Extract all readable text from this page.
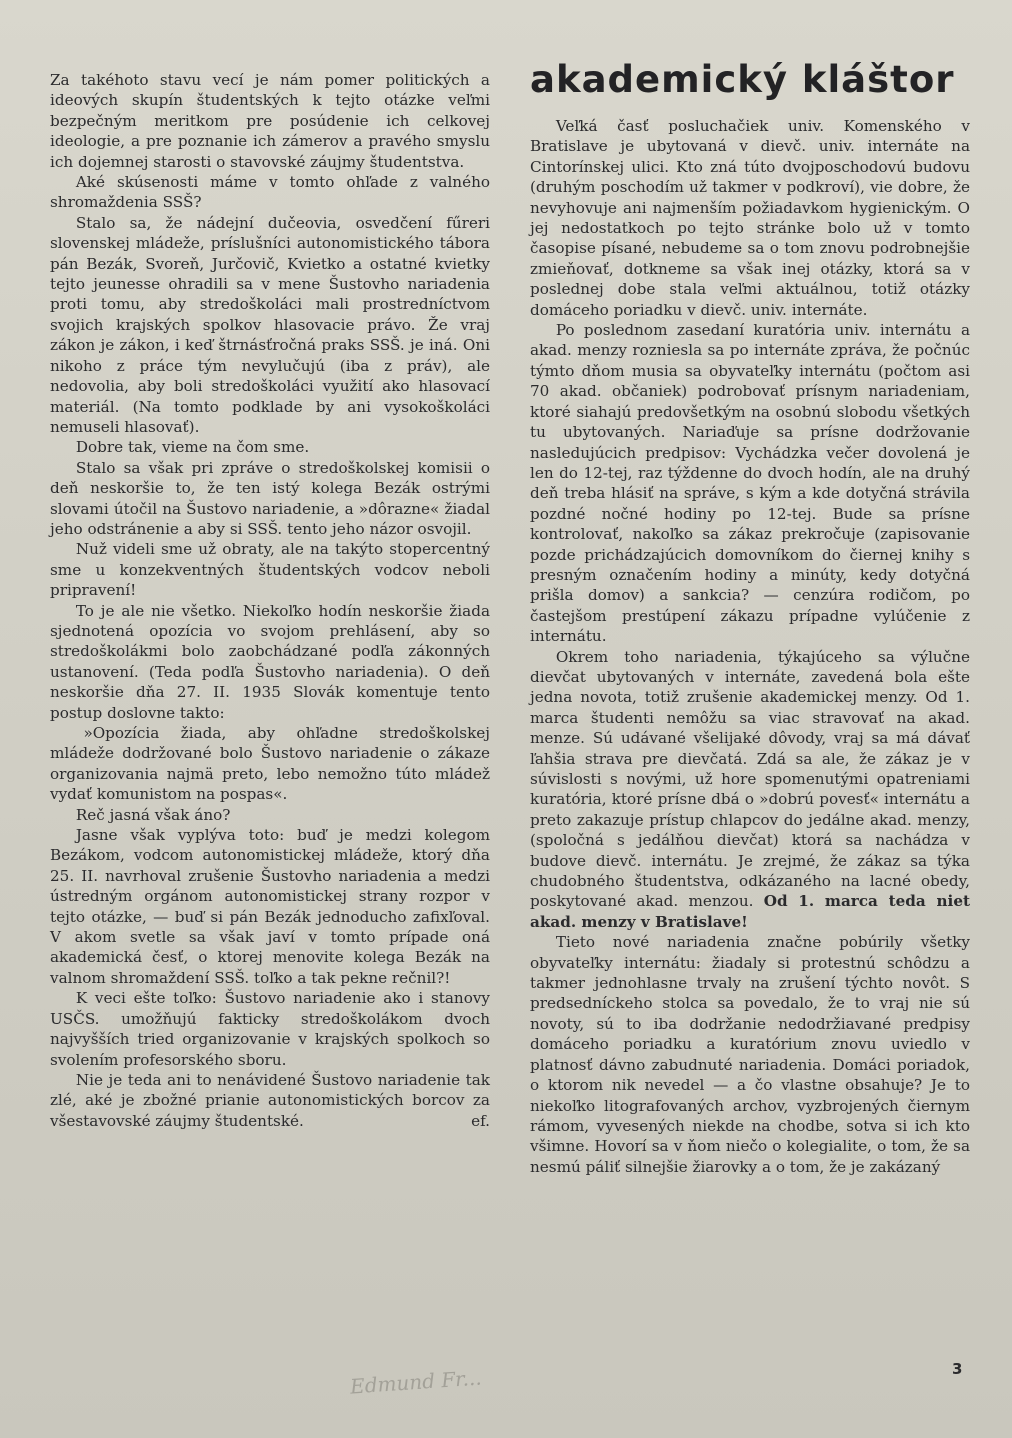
Za takéhoto stavu vecí je nám pomer politických a ideových skupín študentských k tejto otázke veľmi bezpečným meritkom pre posúdenie ich celkovej ideologie, a pre poznanie ich zámerov a pravého smyslu ich dojemnej starosti o stavovské záujmy študentstva.

Aké skúsenosti máme v tomto ohľade z valného shromaždenia SSŠ?

Stalo sa, že nádejní dučeovia, osvedčení fűreri slovenskej mládeže, príslušníci autonomistického tábora pán Bezák, Svoreň, Jurčovič, Kvietko a ostatné kvietky tejto jeunesse ohradili sa v mene Šustovho nariadenia proti tomu, aby stredoškoláci mali prostredníctvom svojich krajských spolkov hlasovacie právo. Že vraj zákon je zákon, i keď štrnásťročná praks SSŠ. je iná. Oni nikoho z práce tým nevylučujú (iba z práv), ale nedovolia, aby boli stredoškoláci využití ako hlasovací materiál. (Na tomto podklade by ani vysokoškoláci nemuseli hlasovať).

Dobre tak, vieme na čom sme.

Stalo sa však pri zpráve o stredoškolskej komisii o deň neskoršie to, že ten istý kolega Bezák ostrými slovami útočil na Šustovo nariadenie, a »dôrazne« žiadal jeho odstránenie a aby si SSŠ. tento jeho názor osvojil.

Nuž videli sme už obraty, ale na takýto stopercentný sme u konzekventných študentských vodcov neboli pripravení!

To je ale nie všetko. Niekoľko hodín neskoršie žiada sjednotená opozícia vo svojom prehlásení, aby so stredoškolákmi bolo zaobchádzané podľa zákonných ustanovení. (Teda podľa Šustovho nariadenia). O deň neskoršie dňa 27. II. 1935 Slovák komentuje tento postup doslovne takto:

»Opozícia žiada, aby ohľadne stredoškolskej mládeže dodržované bolo Šustovo nariadenie o zákaze organizovania najmä preto, lebo nemožno túto mládež vydať komunistom na pospas«.

Reč jasná však áno?

Jasne však vyplýva toto: buď je medzi kolegom Bezákom, vodcom autonomistickej mládeže, ktorý dňa 25. II. navrhoval zrušenie Šustovho nariadenia a medzi ústredným orgánom autonomistickej strany rozpor v tejto otázke, — buď si pán Bezák jednoducho zafixľoval. V akom svetle sa však javí v tomto prípade oná akademická česť, o ktorej menovite kolega Bezák na valnom shromaždení SSŠ. toľko a tak pekne rečnil?!

K veci ešte toľko: Šustovo nariadenie ako i stanovy USČS. umožňujú fakticky stredoškolákom dvoch najvyšších tried organizovanie v krajských spolkoch so svolením profesorského sboru.

Nie je teda ani to nenávidené Šustovo nariadenie tak zlé, aké je zbožné prianie autonomistických borcov za všestavovské záujmy študentské.	ef.

akademický kláštor

Veľká časť posluchačiek univ. Komenského v Bratislave je ubytovaná v dievč. univ. internáte na Cintorínskej ulici. Kto zná túto dvojposchodovú budovu (druhým poschodím už takmer v podkroví), vie dobre, že nevyhovuje ani najmenším požiadavkom hygienickým. O jej nedostatkoch po tejto stránke bolo už v tomto časopise písané, nebudeme sa o tom znovu podrobnejšie zmieňovať, dotkneme sa však inej otázky, ktorá sa v poslednej dobe stala veľmi aktuálnou, totiž otázky domáceho poriadku v dievč. univ. internáte.

Po poslednom zasedaní kuratória univ. internátu a akad. menzy rozniesla sa po internáte zpráva, že počnúc týmto dňom musia sa obyvateľky internátu (počtom asi 70 akad. občaniek) podrobovať prísnym nariadeniam, ktoré siahajú predovšetkým na osobnú slobodu všetkých tu ubytovaných. Nariaďuje sa prísne dodržovanie nasledujúcich predpisov: Vychádzka večer dovolená je len do 12-tej, raz týždenne do dvoch hodín, ale na druhý deň treba hlásiť na správe, s kým a kde dotyčná strávila pozdné nočné hodiny po 12-tej. Bude sa prísne kontrolovať, nakoľko sa zákaz prekročuje (zapisovanie pozde prichádzajúcich domovníkom do čiernej knihy s presným označením hodiny a minúty, kedy dotyčná prišla domov) a sankcia? — cenzúra rodičom, po častejšom prestúpení zákazu prípadne vylúčenie z internátu.

Okrem toho nariadenia, týkajúceho sa výlučne dievčat ubytovaných v internáte, zavedená bola ešte jedna novota, totiž zrušenie akademickej menzy. Od 1. marca študenti nemôžu sa viac stravovať na akad. menze. Sú udávané všelijaké dôvody, vraj sa má dávať ľahšia strava pre dievčatá. Zdá sa ale, že zákaz je v súvislosti s novými, už hore spomenutými opatreniami kuratória, ktoré prísne dbá o »dobrú povesť« internátu a preto zakazuje prístup chlapcov do jedálne akad. menzy, (spoločná s jedálňou dievčat) ktorá sa nachádza v budove dievč. internátu. Je zrejmé, že zákaz sa týka chudobného študentstva, odkázaného na lacné obedy, poskytované akad. menzou. Od 1. marca teda niet akad. menzy v Bratislave!

Tieto nové nariadenia značne pobúrily všetky obyvateľky internátu: žiadaly si protestnú schôdzu a takmer jednohlasne trvaly na zrušení týchto novôt. S predsedníckeho stolca sa povedalo, že to vraj nie sú novoty, sú to iba dodržanie nedodržiavané predpisy domáceho poriadku a kuratórium znovu uviedlo v platnosť dávno zabudnuté nariadenia. Domáci poriadok, o ktorom nik nevedel — a čo vlastne obsahuje? Je to niekoľko litografovaných archov, vyzbrojených čiernym rámom, vyvesených niekde na chodbe, sotva si ich kto všimne. Hovorí sa v ňom niečo o kolegialite, o tom, že sa nesmú páliť silnejšie žiarovky a o tom, že je zakázaný

Edmund Fr...	3
